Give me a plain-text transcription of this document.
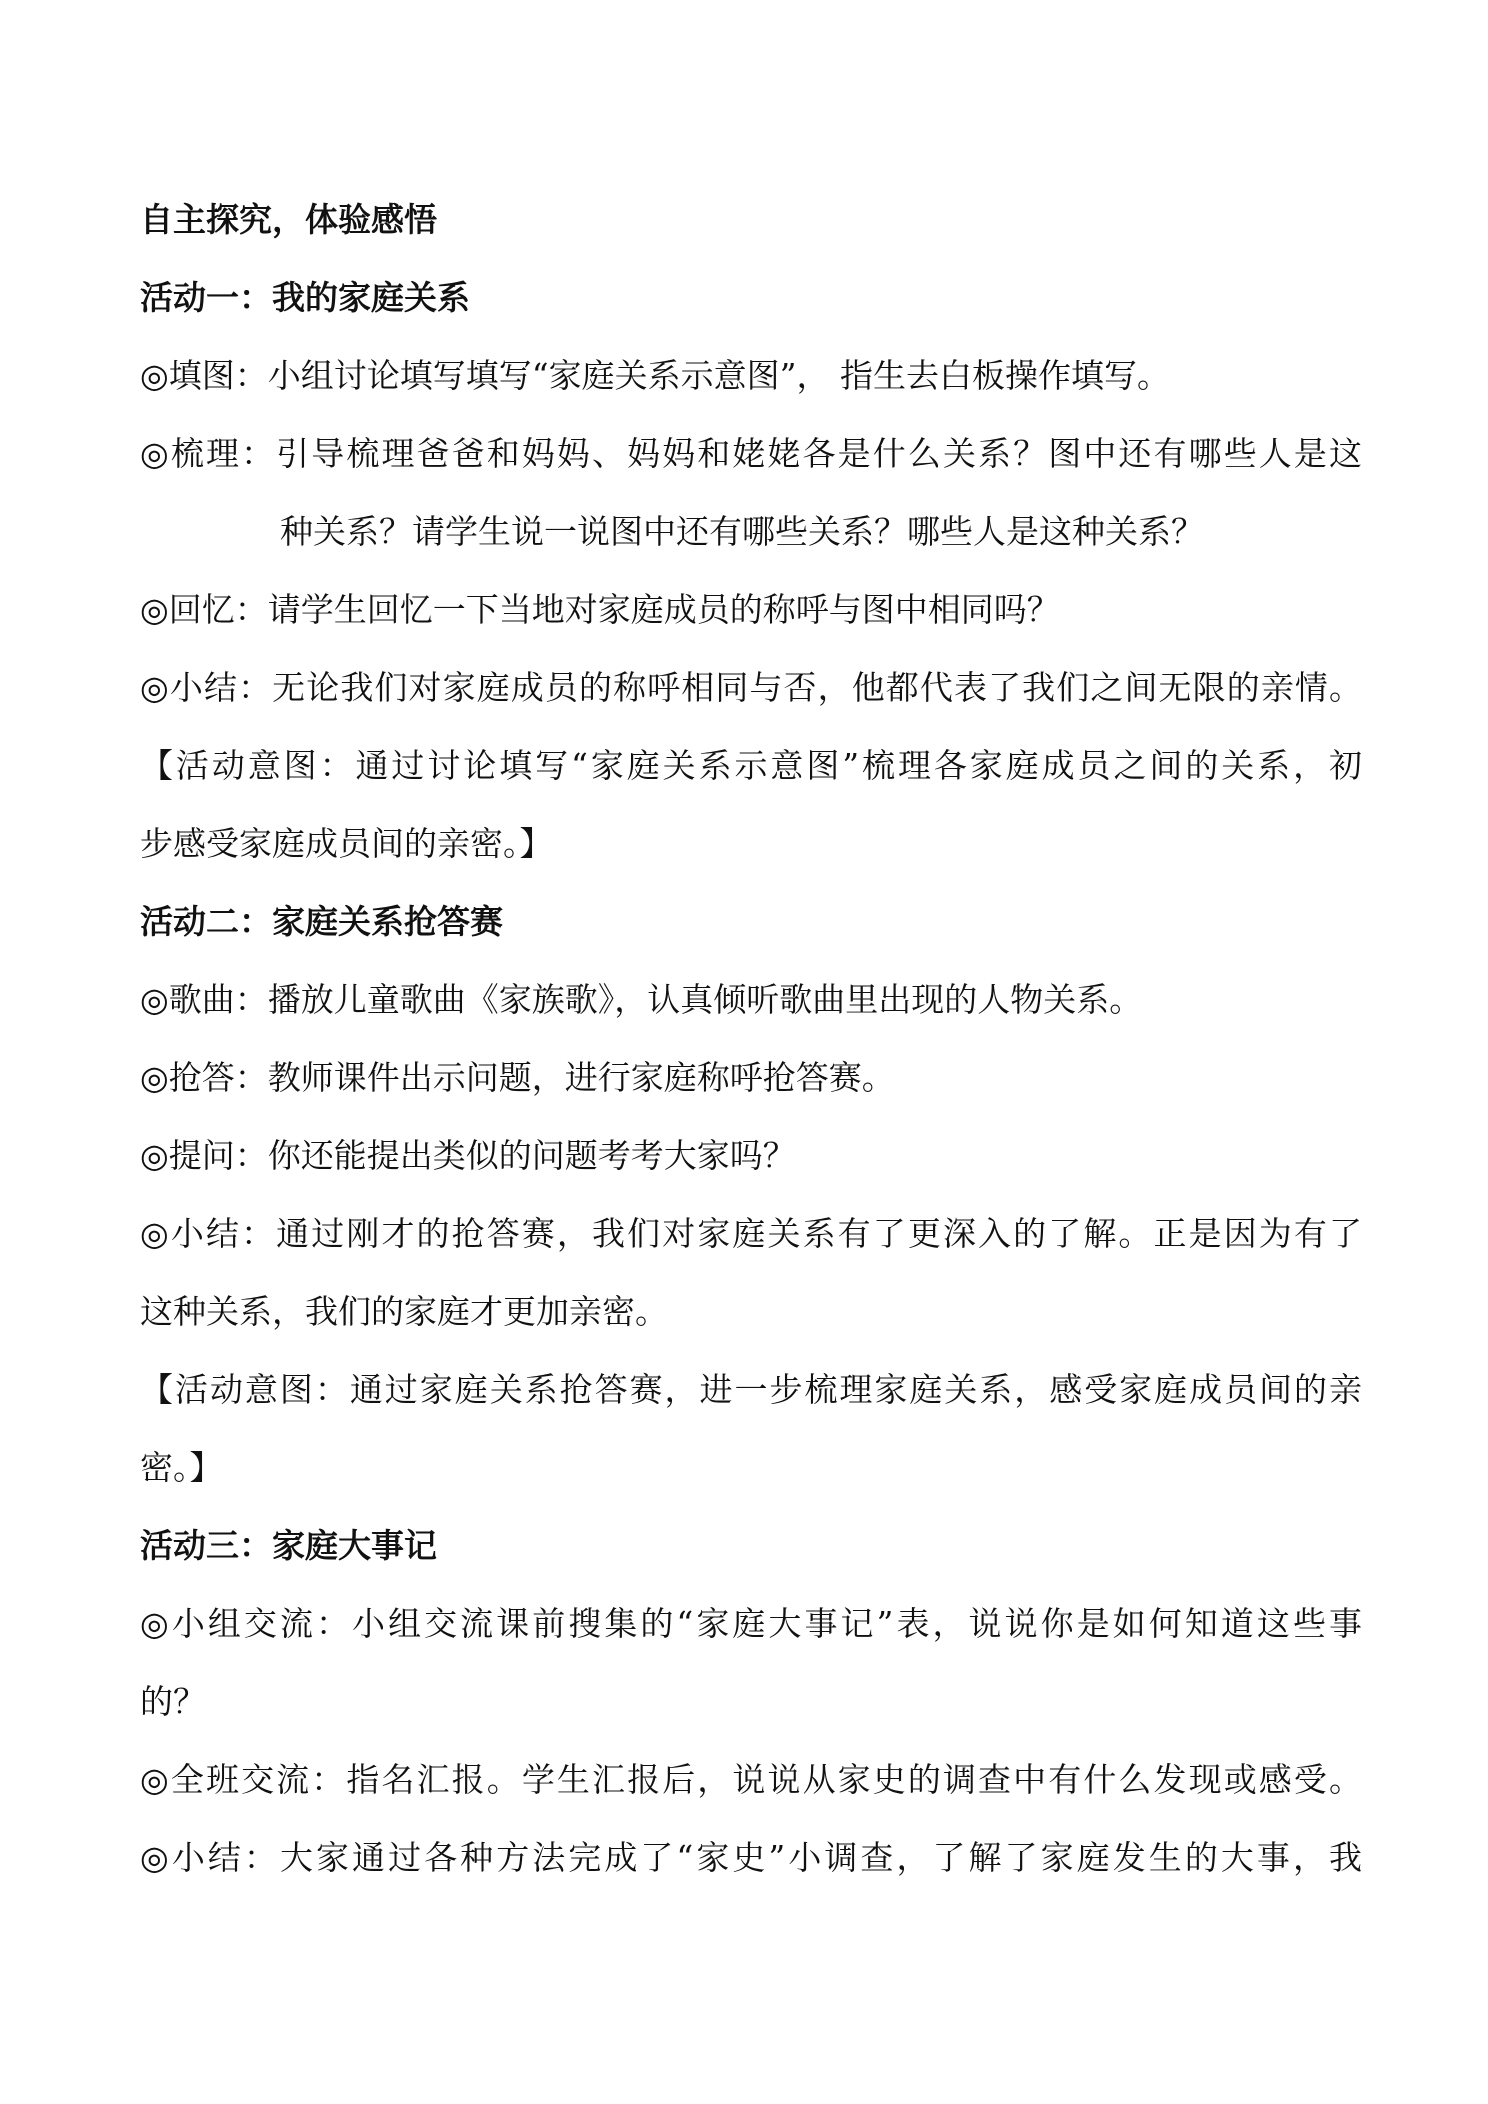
自主探究，体验感悟
活动一：我的家庭关系
◎填图：小组讨论填写填写“家庭关系示意图”， 指生去白板操作填写。
◎梳理：引导梳理爸爸和妈妈、妈妈和姥姥各是什么关系？图中还有哪些人是这
种关系？请学生说一说图中还有哪些关系？哪些人是这种关系？
◎回忆：请学生回忆一下当地对家庭成员的称呼与图中相同吗？
◎小结：无论我们对家庭成员的称呼相同与否，他都代表了我们之间无限的亲情。
【活动意图：通过讨论填写“家庭关系示意图”梳理各家庭成员之间的关系，初
步感受家庭成员间的亲密。】
活动二：家庭关系抢答赛
◎歌曲：播放儿童歌曲《家族歌》，认真倾听歌曲里出现的人物关系。
◎抢答：教师课件出示问题，进行家庭称呼抢答赛。
◎提问：你还能提出类似的问题考考大家吗？
◎小结：通过刚才的抢答赛，我们对家庭关系有了更深入的了解。正是因为有了
这种关系，我们的家庭才更加亲密。
【活动意图：通过家庭关系抢答赛，进一步梳理家庭关系，感受家庭成员间的亲
密。】
活动三：家庭大事记
◎小组交流：小组交流课前搜集的“家庭大事记”表，说说你是如何知道这些事
的？
◎全班交流：指名汇报。学生汇报后，说说从家史的调查中有什么发现或感受。
◎小结：大家通过各种方法完成了“家史”小调查，了解了家庭发生的大事，我
